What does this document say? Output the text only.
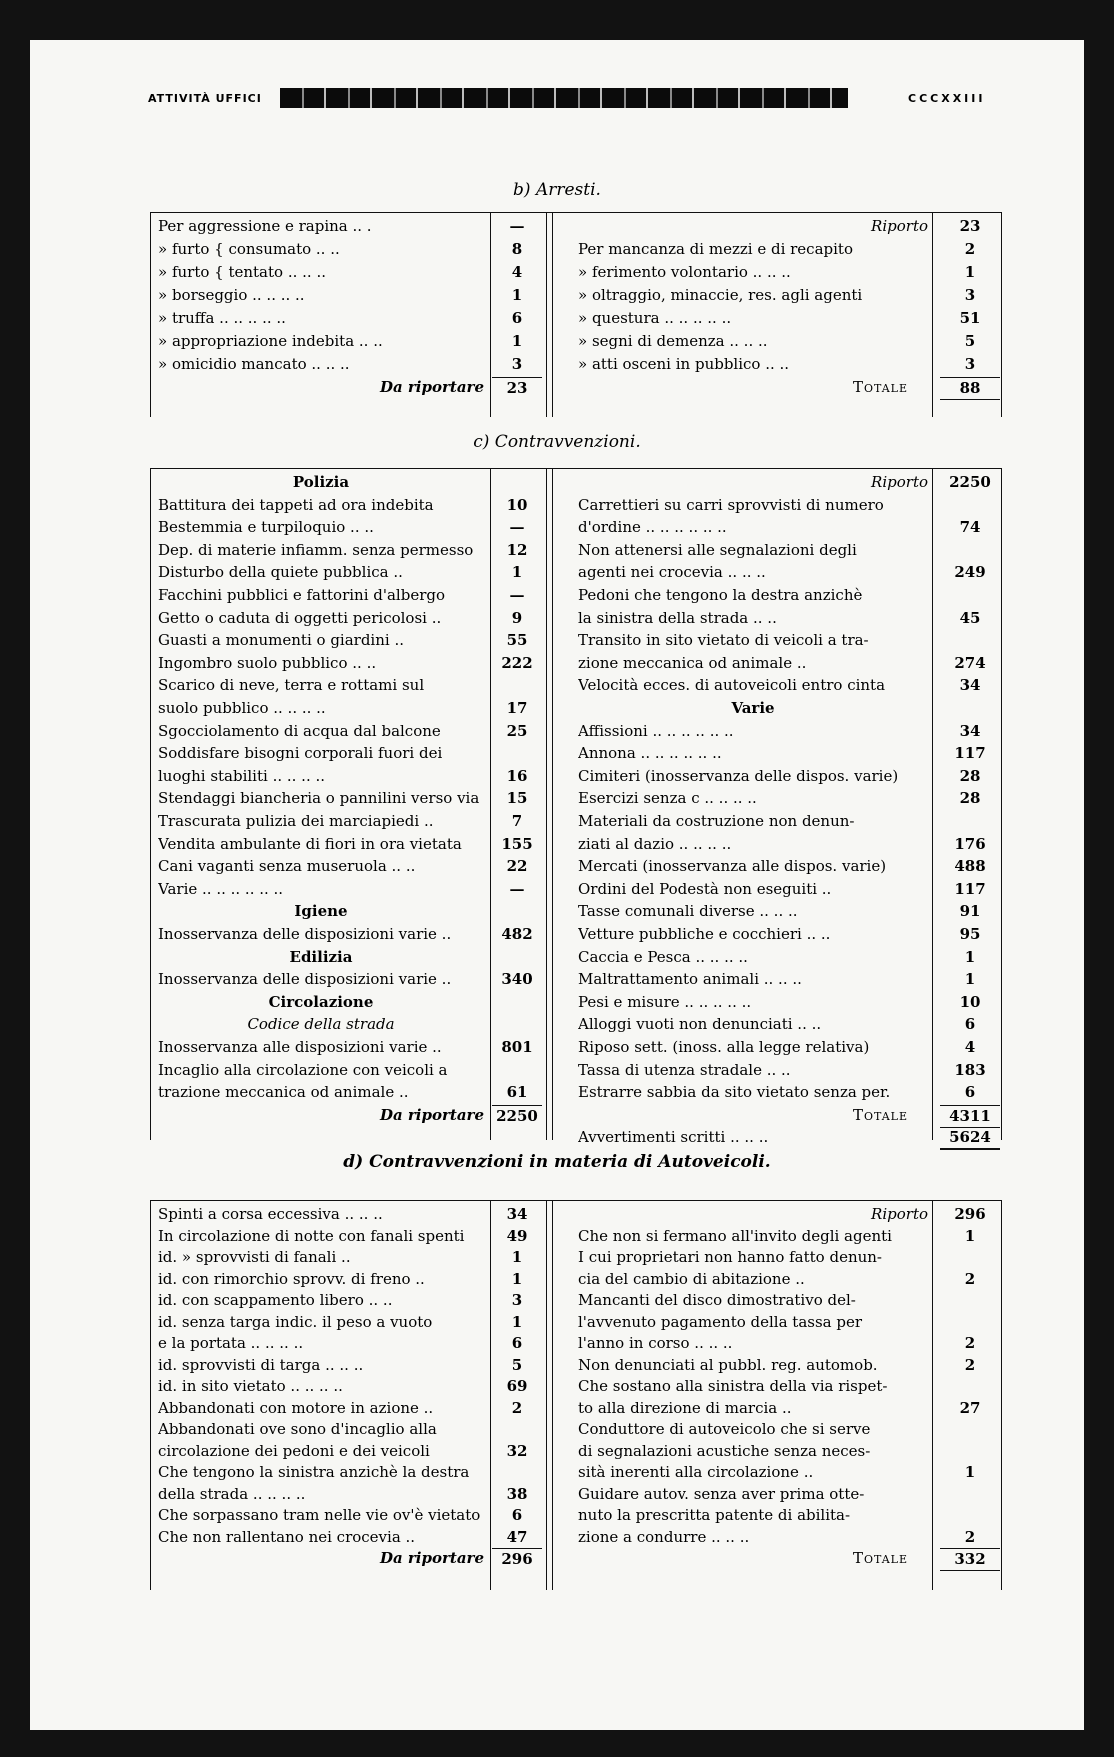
ATTIVITÀ UFFICI	CCCXXIII
b) Arresti.
Per aggressione e rapina .. .	—
» furto { consumato .. ..	8
» furto { tentato .. .. ..	4
» borseggio .. .. .. ..	1
» truffa .. .. .. .. ..	6
» appropriazione indebita .. ..	1
» omicidio mancato .. .. ..	3
Da riportare	23
Riporto	23
Per mancanza di mezzi e di recapito	2
» ferimento volontario .. .. ..	1
» oltraggio, minaccie, res. agli agenti	3
» questura .. .. .. .. ..	51
» segni di demenza .. .. ..	5
» atti osceni in pubblico .. ..	3
Totale	88
c) Contravvenzioni.
Polizia
Battitura dei tappeti ad ora indebita	10
Bestemmia e turpiloquio .. ..	—
Dep. di materie infiamm. senza permesso	12
Disturbo della quiete pubblica ..	1
Facchini pubblici e fattorini d'albergo	—
Getto o caduta di oggetti pericolosi ..	9
Guasti a monumenti o giardini ..	55
Ingombro suolo pubblico .. ..	222
Scarico di neve, terra e rottami sul
suolo pubblico .. .. .. ..	17
Sgocciolamento di acqua dal balcone	25
Soddisfare bisogni corporali fuori dei
luoghi stabiliti .. .. .. ..	16
Stendaggi biancheria o pannilini verso via	15
Trascurata pulizia dei marciapiedi ..	7
Vendita ambulante di fiori in ora vietata	155
Cani vaganti senza museruola .. ..	22
Varie .. .. .. .. .. ..	—
Igiene
Inosservanza delle disposizioni varie ..	482
Edilizia
Inosservanza delle disposizioni varie ..	340
Circolazione
Codice della strada
Inosservanza alle disposizioni varie ..	801
Incaglio alla circolazione con veicoli a
trazione meccanica od animale ..	61
Da riportare 2250
Riporto	2250
Carrettieri su carri sprovvisti di numero
d'ordine .. .. .. .. .. ..	74
Non attenersi alle segnalazioni degli
agenti nei crocevia .. .. ..	249
Pedoni che tengono la destra anzichè
la sinistra della strada .. ..	45
Transito in sito vietato di veicoli a tra-
zione meccanica od animale ..	274
Velocità ecces. di autoveicoli entro cinta	34
Varie
Affissioni .. .. .. .. .. ..	34
Annona .. .. .. .. .. ..	117
Cimiteri (inosservanza delle dispos. varie)	28
Esercizi senza c .. .. .. ..	28
Materiali da costruzione non denun-
ziati al dazio .. .. .. ..	176
Mercati (inosservanza alle dispos. varie)	488
Ordini del Podestà non eseguiti ..	117
Tasse comunali diverse .. .. ..	91
Vetture pubbliche e cocchieri .. ..	95
Caccia e Pesca .. .. .. ..	1
Maltrattamento animali .. .. ..	1
Pesi e misure .. .. .. .. ..	10
Alloggi vuoti non denunciati .. ..	6
Riposo sett. (inoss. alla legge relativa)	4
Tassa di utenza stradale .. ..	183
Estrarre sabbia da sito vietato senza per.	6
Totale	4311
Avvertimenti scritti .. .. ..	5624
d) Contravvenzioni in materia di Autoveicoli.
Spinti a corsa eccessiva .. .. ..	34
In circolazione di notte con fanali spenti	49
id. » sprovvisti di fanali ..	1
id. con rimorchio sprovv. di freno ..	1
id. con scappamento libero .. ..	3
id. senza targa indic. il peso a vuoto	1
e la portata .. .. .. ..	6
id. sprovvisti di targa .. .. ..	5
id. in sito vietato .. .. .. ..	69
Abbandonati con motore in azione ..	2
Abbandonati ove sono d'incaglio alla
circolazione dei pedoni e dei veicoli	32
Che tengono la sinistra anzichè la destra
della strada .. .. .. ..	38
Che sorpassano tram nelle vie ov'è vietato	6
Che non rallentano nei crocevia ..	47
Da riportare	296
Riporto	296
Che non si fermano all'invito degli agenti	1
I cui proprietari non hanno fatto denun-
cia del cambio di abitazione ..	2
Mancanti del disco dimostrativo del-
l'avvenuto pagamento della tassa per
l'anno in corso .. .. ..	2
Non denunciati al pubbl. reg. automob.	2
Che sostano alla sinistra della via rispet-
to alla direzione di marcia ..	27
Conduttore di autoveicolo che si serve
di segnalazioni acustiche senza neces-
sità inerenti alla circolazione ..	1
Guidare autov. senza aver prima otte-
nuto la prescritta patente di abilita-
zione a condurre .. .. ..	2
Totale	332
